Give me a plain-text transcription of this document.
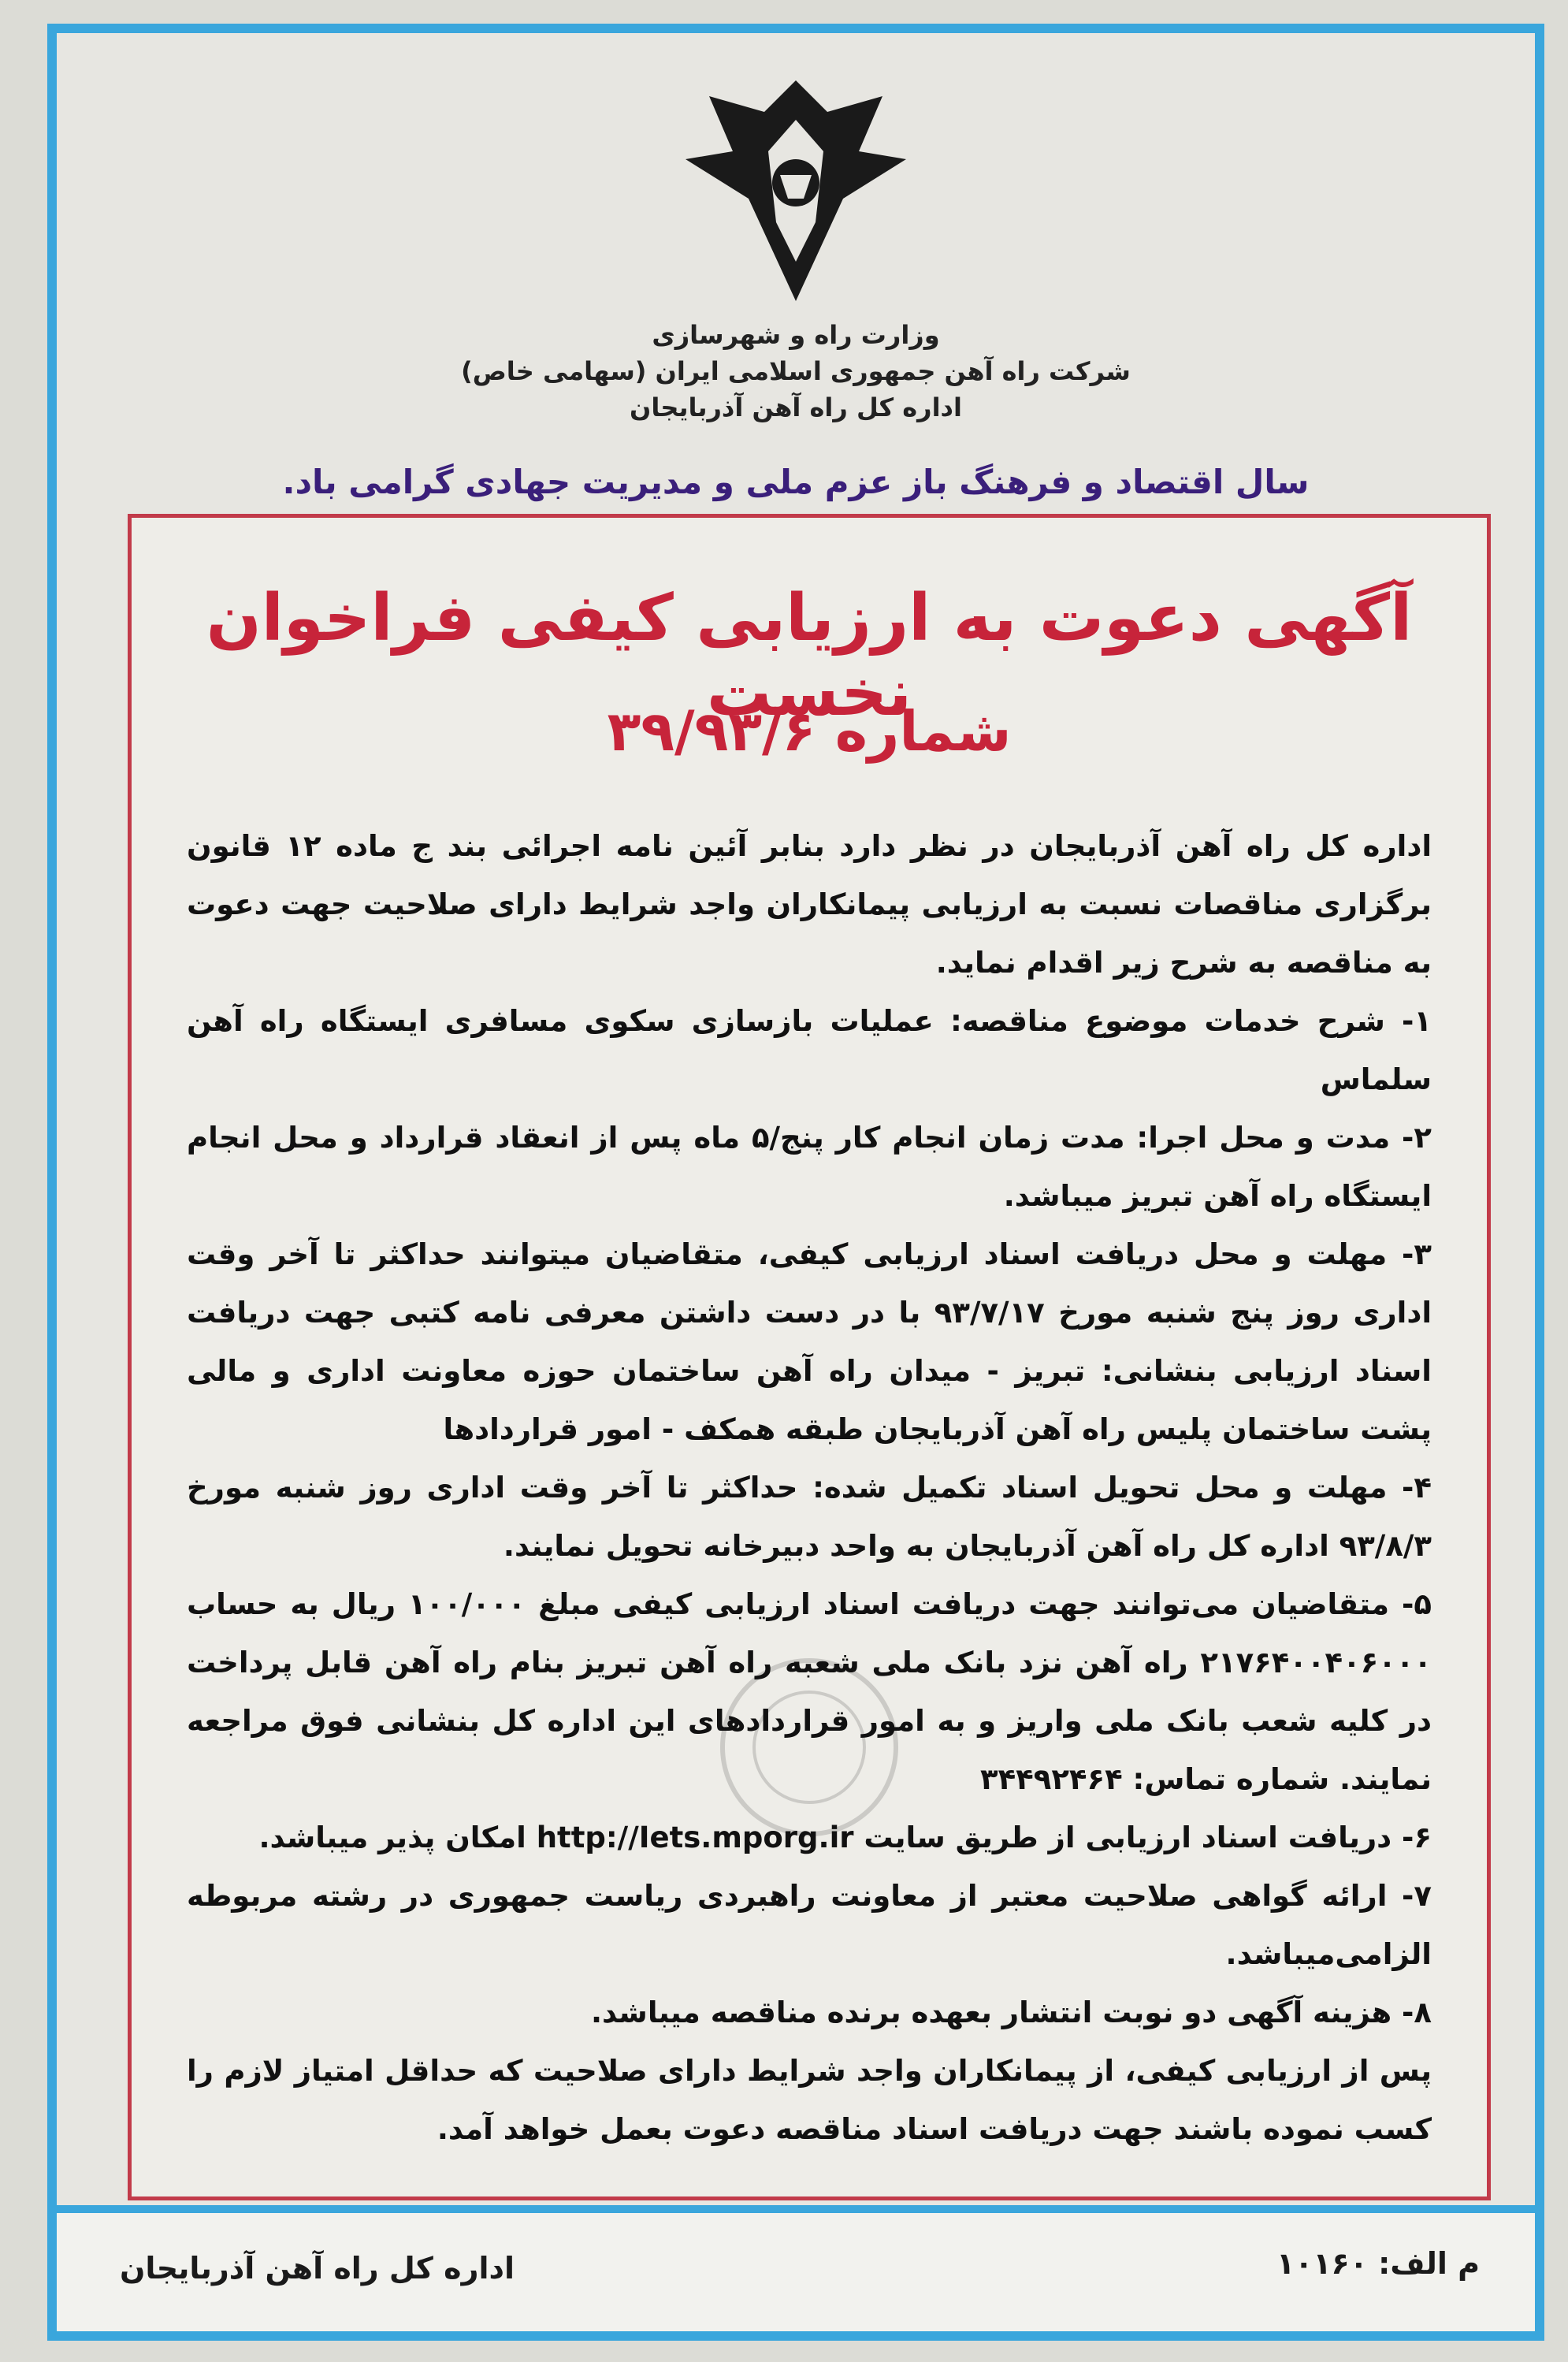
وزارت راه و شهرسازی
شرکت راه آهن جمهوری اسلامی ایران (سهامی خاص)
اداره کل راه آهن آذربایجان
سال اقتصاد و فرهنگ باز عزم ملی و مدیریت جهادی گرامی باد.
آگهی دعوت به ارزیابی کیفی فراخوان نخست
شماره ۳۹/۹۳/۶

اداره کل راه آهن آذربایجان در نظر دارد بنابر آئین نامه اجرائی بند ج ماده ۱۲ قانون برگزاری مناقصات نسبت به ارزیابی پیمانکاران واجد شرایط دارای صلاحیت جهت دعوت به مناقصه به شرح زیر اقدام نماید.

۱- شرح خدمات موضوع مناقصه: عملیات بازسازی سکوی مسافری ایستگاه راه آهن سلماس

۲- مدت و محل اجرا: مدت زمان انجام کار پنج/۵ ماه پس از انعقاد قرارداد و محل انجام ایستگاه راه آهن تبریز میباشد.

۳- مهلت و محل دریافت اسناد ارزیابی کیفی، متقاضیان میتوانند حداکثر تا آخر وقت اداری روز پنج شنبه مورخ ۹۳/۷/۱۷ با در دست داشتن معرفی نامه کتبی جهت دریافت اسناد ارزیابی بنشانی: تبریز - میدان راه آهن ساختمان حوزه معاونت اداری و مالی پشت ساختمان پلیس راه آهن آذربایجان طبقه همکف - امور قراردادها

۴- مهلت و محل تحویل اسناد تکمیل شده: حداکثر تا آخر وقت اداری روز شنبه مورخ ۹۳/۸/۳ اداره کل راه آهن آذربایجان به واحد دبیرخانه تحویل نمایند.

۵- متقاضیان می‌توانند جهت دریافت اسناد ارزیابی کیفی مبلغ ۱۰۰/۰۰۰ ریال به حساب ۲۱۷۶۴۰۰۴۰۶۰۰۰ راه آهن نزد بانک ملی شعبه راه آهن تبریز بنام راه آهن قابل پرداخت در کلیه شعب بانک ملی واریز و به امور قراردادهای این اداره کل بنشانی فوق مراجعه نمایند. شماره تماس: ۳۴۴۹۲۴۶۴

۶- دریافت اسناد ارزیابی از طریق سایت http://Iets.mporg.ir امکان پذیر میباشد.

۷- ارائه گواهی صلاحیت معتبر از معاونت راهبردی ریاست جمهوری در رشته مربوطه الزامی‌میباشد.

۸- هزینه آگهی دو نوبت انتشار بعهده برنده مناقصه میباشد.

پس از ارزیابی کیفی، از پیمانکاران واجد شرایط دارای صلاحیت که حداقل امتیاز لازم را کسب نموده باشند جهت دریافت اسناد مناقصه دعوت بعمل خواهد آمد.

م الف: ۱۰۱۶۰
اداره کل راه آهن آذربایجان
